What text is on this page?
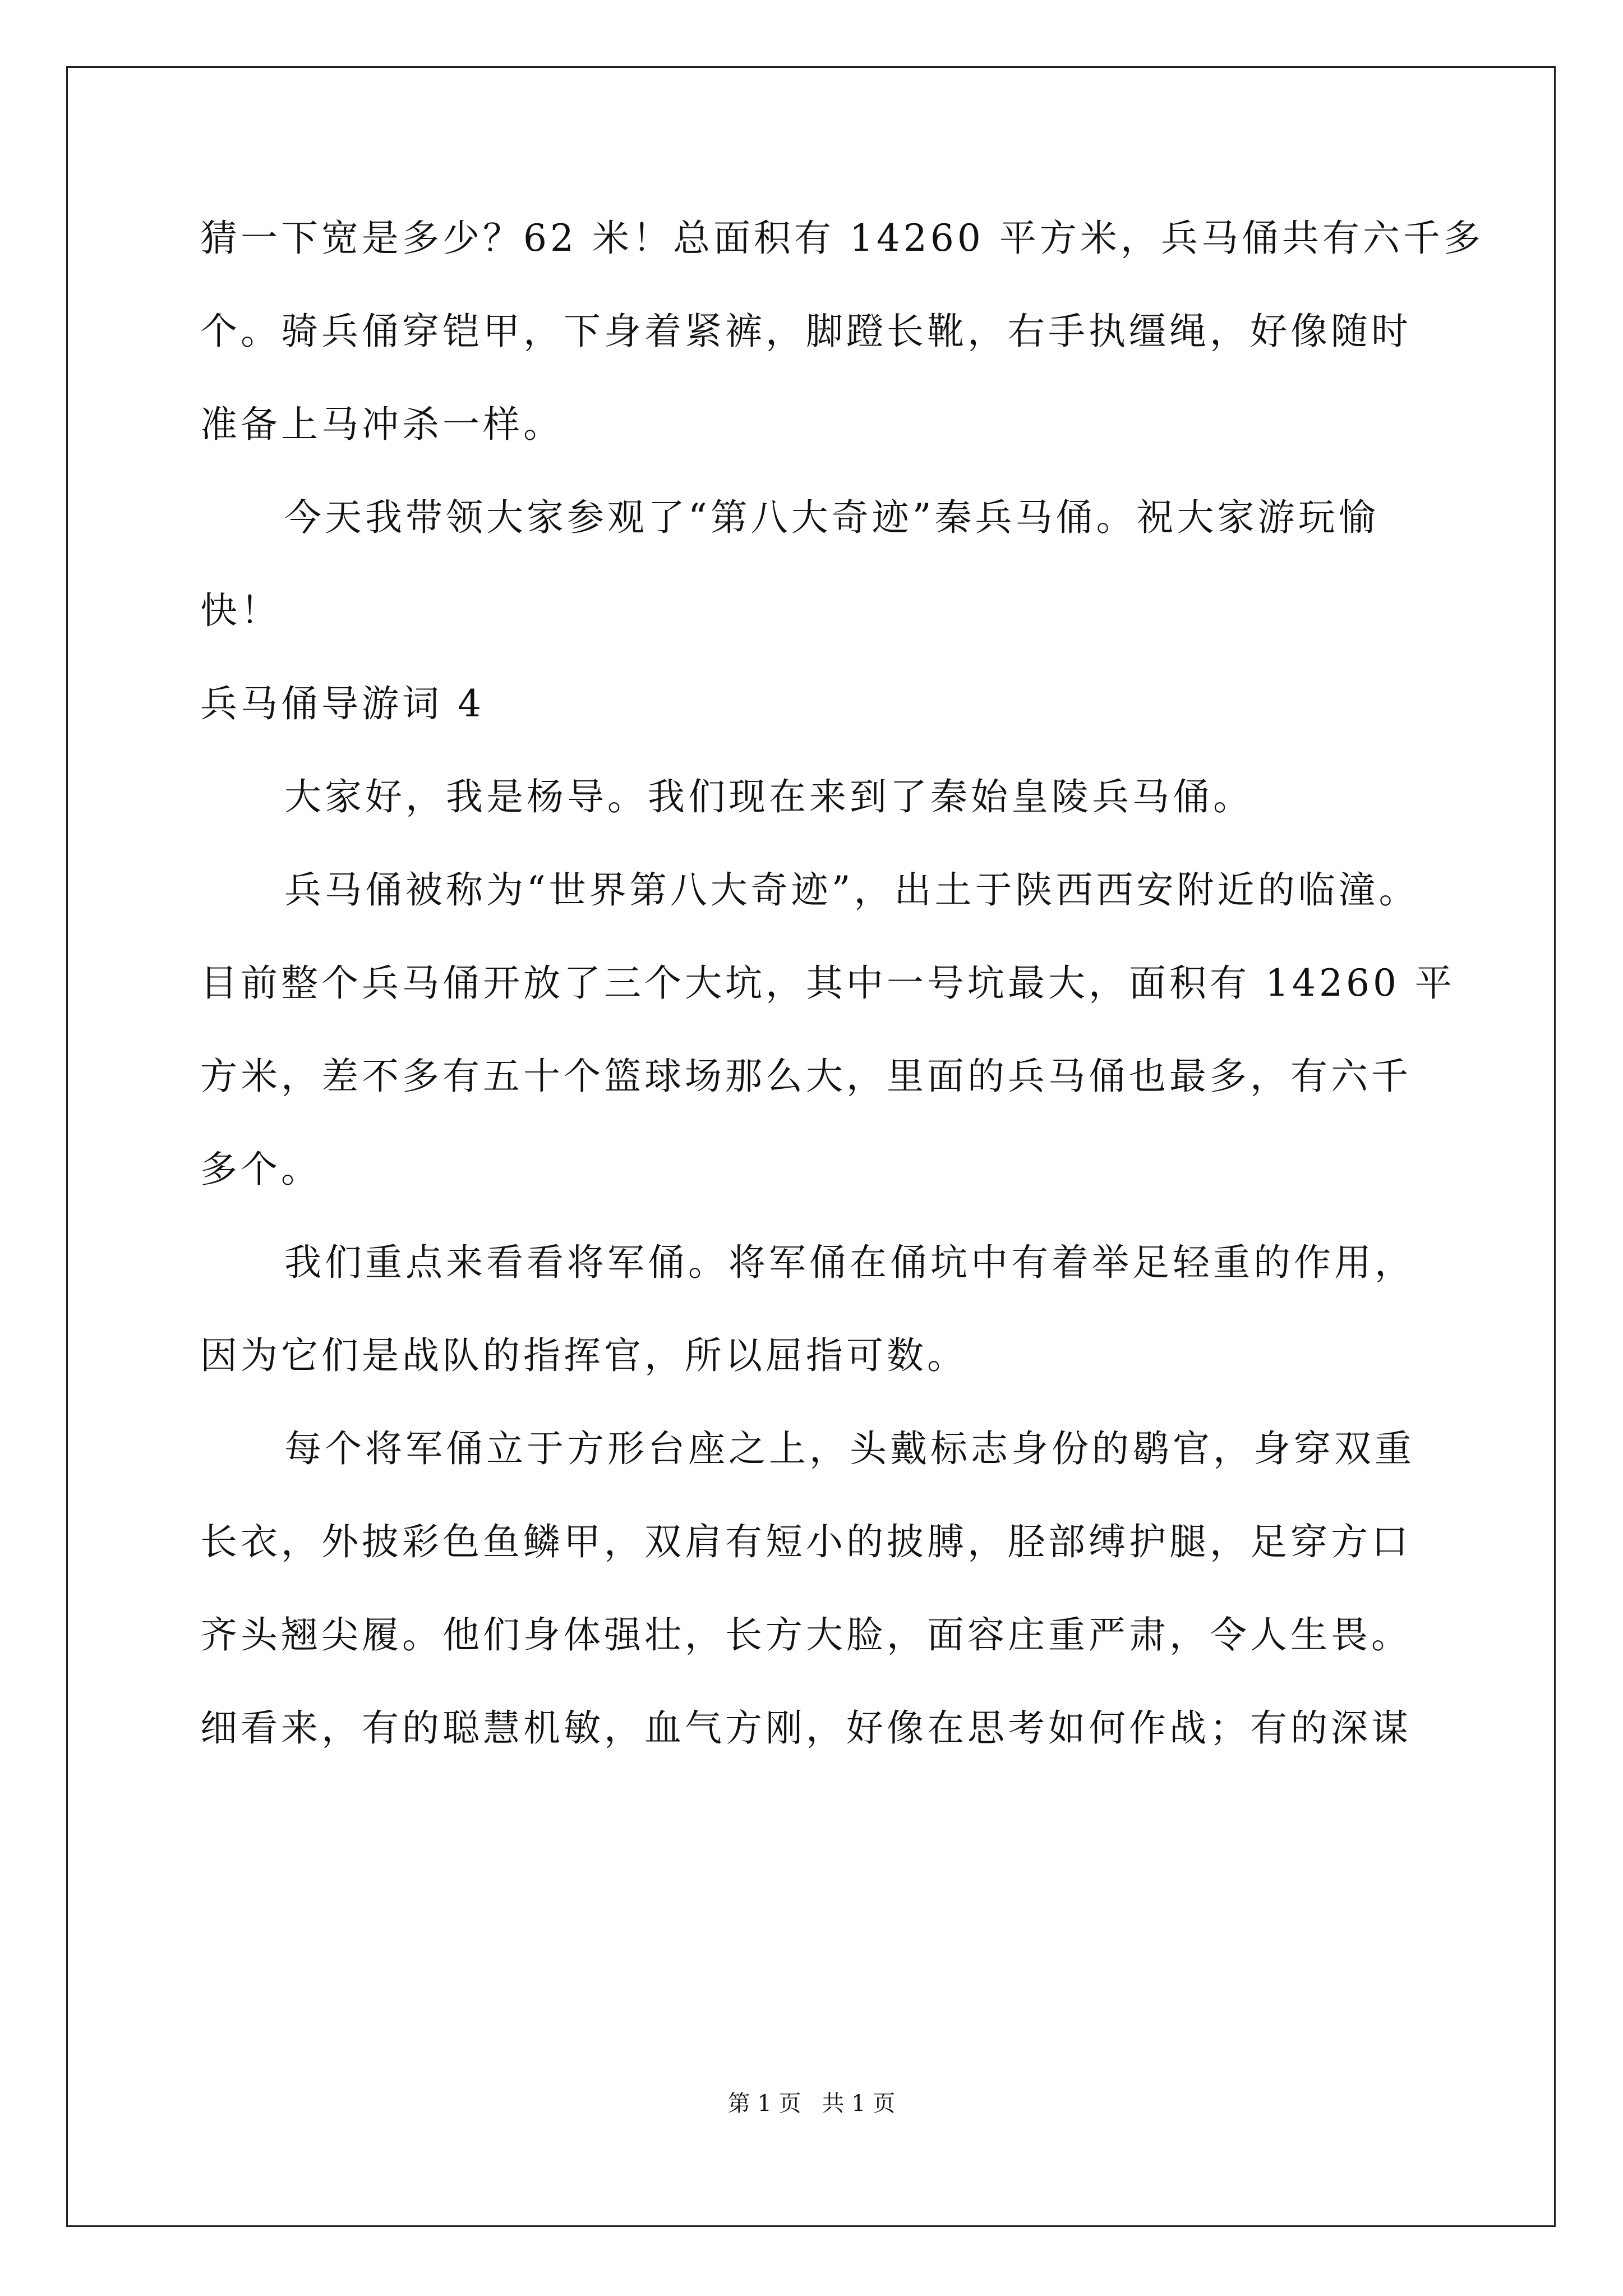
猜一下宽是多少？62 米！总面积有 14260 平方米，兵马俑共有六千多
个。骑兵俑穿铠甲，下身着紧裤，脚蹬长靴，右手执缰绳，好像随时
准备上马冲杀一样。
今天我带领大家参观了“第八大奇迹”秦兵马俑。祝大家游玩愉
快！
兵马俑导游词 4
大家好，我是杨导。我们现在来到了秦始皇陵兵马俑。
兵马俑被称为“世界第八大奇迹”，出土于陕西西安附近的临潼。
目前整个兵马俑开放了三个大坑，其中一号坑最大，面积有 14260 平
方米，差不多有五十个篮球场那么大，里面的兵马俑也最多，有六千
多个。
我们重点来看看将军俑。将军俑在俑坑中有着举足轻重的作用，
因为它们是战队的指挥官，所以屈指可数。
每个将军俑立于方形台座之上，头戴标志身份的鹖官，身穿双重
长衣，外披彩色鱼鳞甲，双肩有短小的披膊，胫部缚护腿，足穿方口
齐头翘尖履。他们身体强壮，长方大脸，面容庄重严肃，令人生畏。
细看来，有的聪慧机敏，血气方刚，好像在思考如何作战；有的深谋
第 1 页 共 1 页
